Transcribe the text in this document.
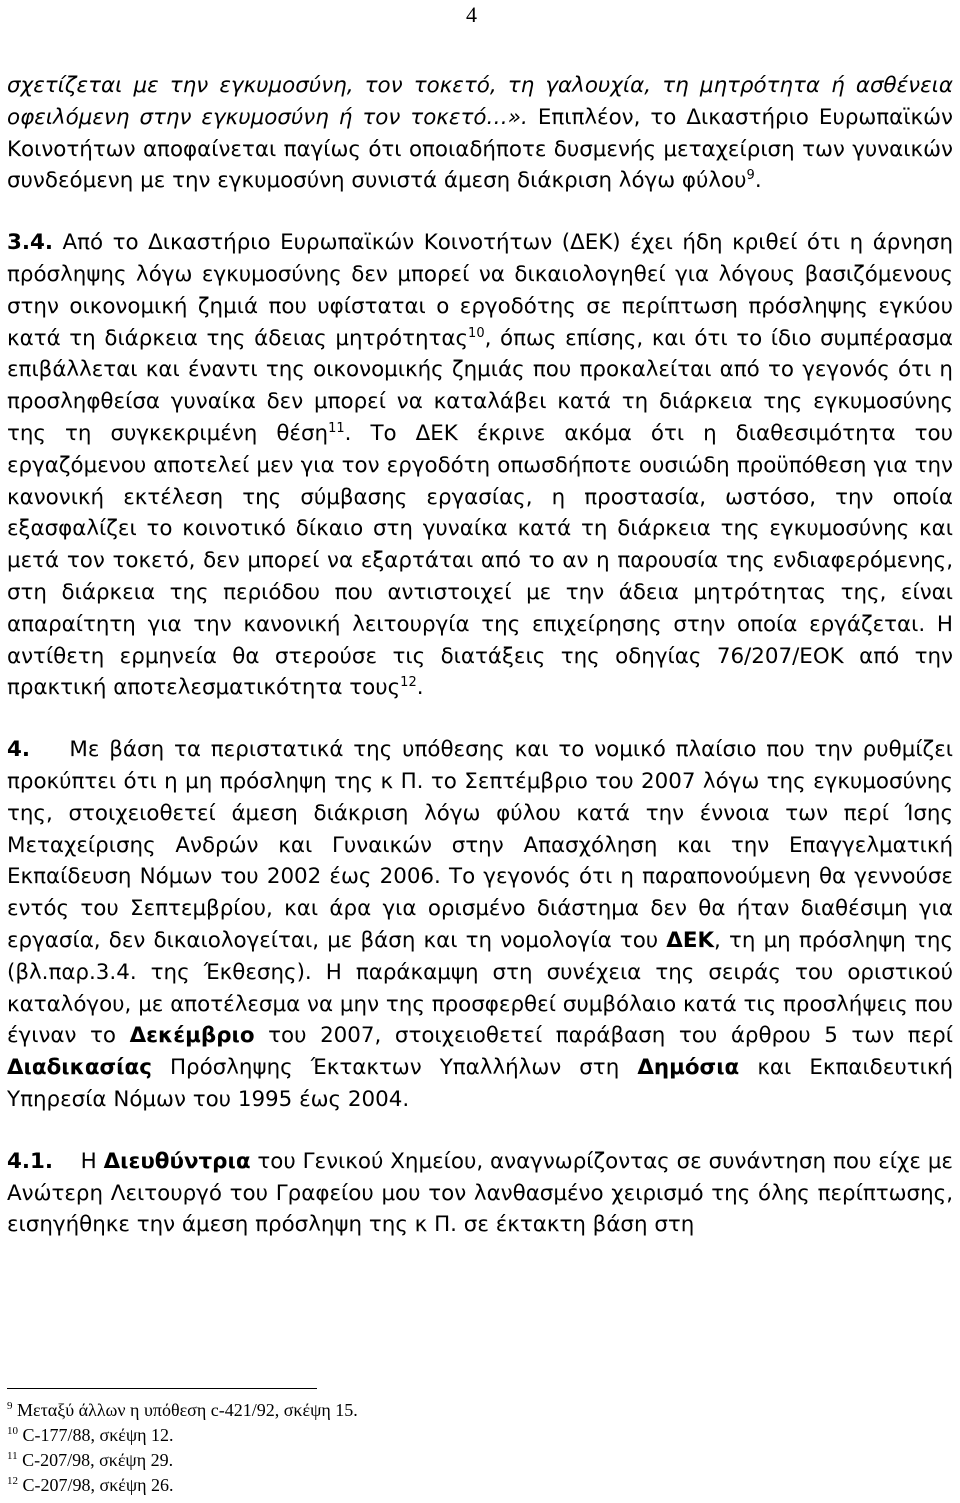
4

σχετίζεται με την εγκυμοσύνη, τον τοκετό, τη γαλουχία, τη μητρότητα ή ασθένεια οφειλόμενη στην εγκυμοσύνη ή τον τοκετό…». Επιπλέον, το Δικαστήριο Ευρωπαϊκών Κοινοτήτων αποφαίνεται παγίως ότι οποιαδήποτε δυσμενής μεταχείριση των γυναικών συνδεόμενη με την εγκυμοσύνη συνιστά άμεση διάκριση λόγω φύλου$^9$.

3.4. Από το Δικαστήριο Ευρωπαϊκών Κοινοτήτων (ΔΕΚ) έχει ήδη κριθεί ότι η άρνηση πρόσληψης λόγω εγκυμοσύνης δεν μπορεί να δικαιολογηθεί για λόγους βασιζόμενους στην οικονομική ζημιά που υφίσταται ο εργοδότης σε περίπτωση πρόσληψης εγκύου κατά τη διάρκεια της άδειας μητρότητας$^{10}$, όπως επίσης, και ότι το ίδιο συμπέρασμα επιβάλλεται και έναντι της οικονομικής ζημιάς που προκαλείται από το γεγονός ότι η προσληφθείσα γυναίκα δεν μπορεί να καταλάβει κατά τη διάρκεια της εγκυμοσύνης της τη συγκεκριμένη θέση$^{11}$. Το ΔΕΚ έκρινε ακόμα ότι η διαθεσιμότητα του εργαζόμενου αποτελεί μεν για τον εργοδότη οπωσδήποτε ουσιώδη προϋπόθεση για την κανονική εκτέλεση της σύμβασης εργασίας, η προστασία, ωστόσο, την οποία εξασφαλίζει το κοινοτικό δίκαιο στη γυναίκα κατά τη διάρκεια της εγκυμοσύνης και μετά τον τοκετό, δεν μπορεί να εξαρτάται από το αν η παρουσία της ενδιαφερόμενης, στη διάρκεια της περιόδου που αντιστοιχεί με την άδεια μητρότητας της, είναι απαραίτητη για την κανονική λειτουργία της επιχείρησης στην οποία εργάζεται. Η αντίθετη ερμηνεία θα στερούσε τις διατάξεις της οδηγίας 76/207/ΕΟΚ από την πρακτική αποτελεσματικότητα τους$^{12}$.

4.    Με βάση τα περιστατικά της υπόθεσης και το νομικό πλαίσιο που την ρυθμίζει προκύπτει ότι η μη πρόσληψη της κ Π. το Σεπτέμβριο του 2007 λόγω της εγκυμοσύνης της, στοιχειοθετεί άμεση διάκριση λόγω φύλου κατά την έννοια των περί Ίσης Μεταχείρισης Ανδρών και Γυναικών στην Απασχόληση και την Επαγγελματική Εκπαίδευση Νόμων του 2002 έως 2006. Το γεγονός ότι η παραπονούμενη θα γεννούσε εντός του Σεπτεμβρίου, και άρα για ορισμένο διάστημα δεν θα ήταν διαθέσιμη για εργασία, δεν δικαιολογείται, με βάση και τη νομολογία του ΔΕΚ, τη μη πρόσληψη της (βλ.παρ.3.4. της Έκθεσης). Η παράκαμψη στη συνέχεια της σειράς του οριστικού καταλόγου, με αποτέλεσμα να μην της προσφερθεί συμβόλαιο κατά τις προσλήψεις που έγιναν το Δεκέμβριο του 2007, στοιχειοθετεί παράβαση του άρθρου 5 των περί Διαδικασίας Πρόσληψης Έκτακτων Υπαλλήλων στη Δημόσια και Εκπαιδευτική Υπηρεσία Νόμων του 1995 έως 2004.

4.1.    Η Διευθύντρια του Γενικού Χημείου, αναγνωρίζοντας σε συνάντηση που είχε με Ανώτερη Λειτουργό του Γραφείου μου τον λανθασμένο χειρισμό της όλης περίπτωσης, εισηγήθηκε την άμεση πρόσληψη της κ Π. σε έκτακτη βάση στη

$^9$ Μεταξύ άλλων η υπόθεση c-421/92, σκέψη 15.
$^{10}$ C-177/88, σκέψη 12.
$^{11}$ C-207/98, σκέψη 29.
$^{12}$ C-207/98, σκέψη 26.
